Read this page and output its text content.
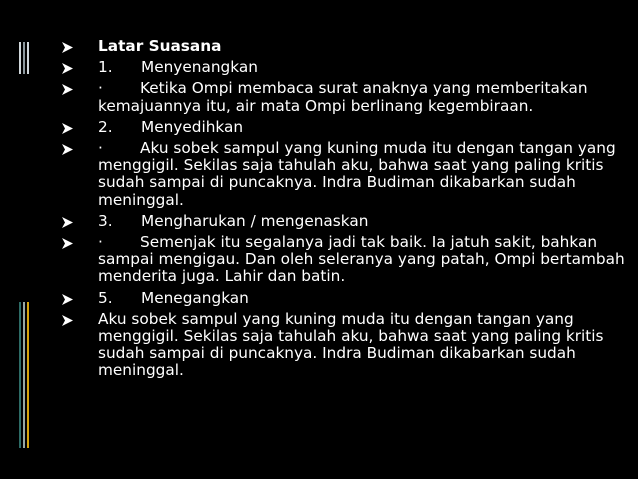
Latar Suasana
1. Menyenangkan
· Ketika Ompi membaca surat anaknya yang memberitakan kemajuannya itu, air mata Ompi berlinang kegembiraan.
2. Menyedihkan
· Aku sobek sampul yang kuning muda itu dengan tangan yang menggigil. Sekilas saja tahulah aku, bahwa saat yang paling kritis sudah sampai di puncaknya. Indra Budiman dikabarkan sudah meninggal.
3. Mengharukan / mengenaskan
· Semenjak itu segalanya jadi tak baik. Ia jatuh sakit, bahkan sampai mengigau. Dan oleh seleranya yang patah, Ompi bertambah menderita juga. Lahir dan batin.
5. Menegangkan
Aku sobek sampul yang kuning muda itu dengan tangan yang menggigil. Sekilas saja tahulah aku, bahwa saat yang paling kritis sudah sampai di puncaknya. Indra Budiman dikabarkan sudah meninggal.
